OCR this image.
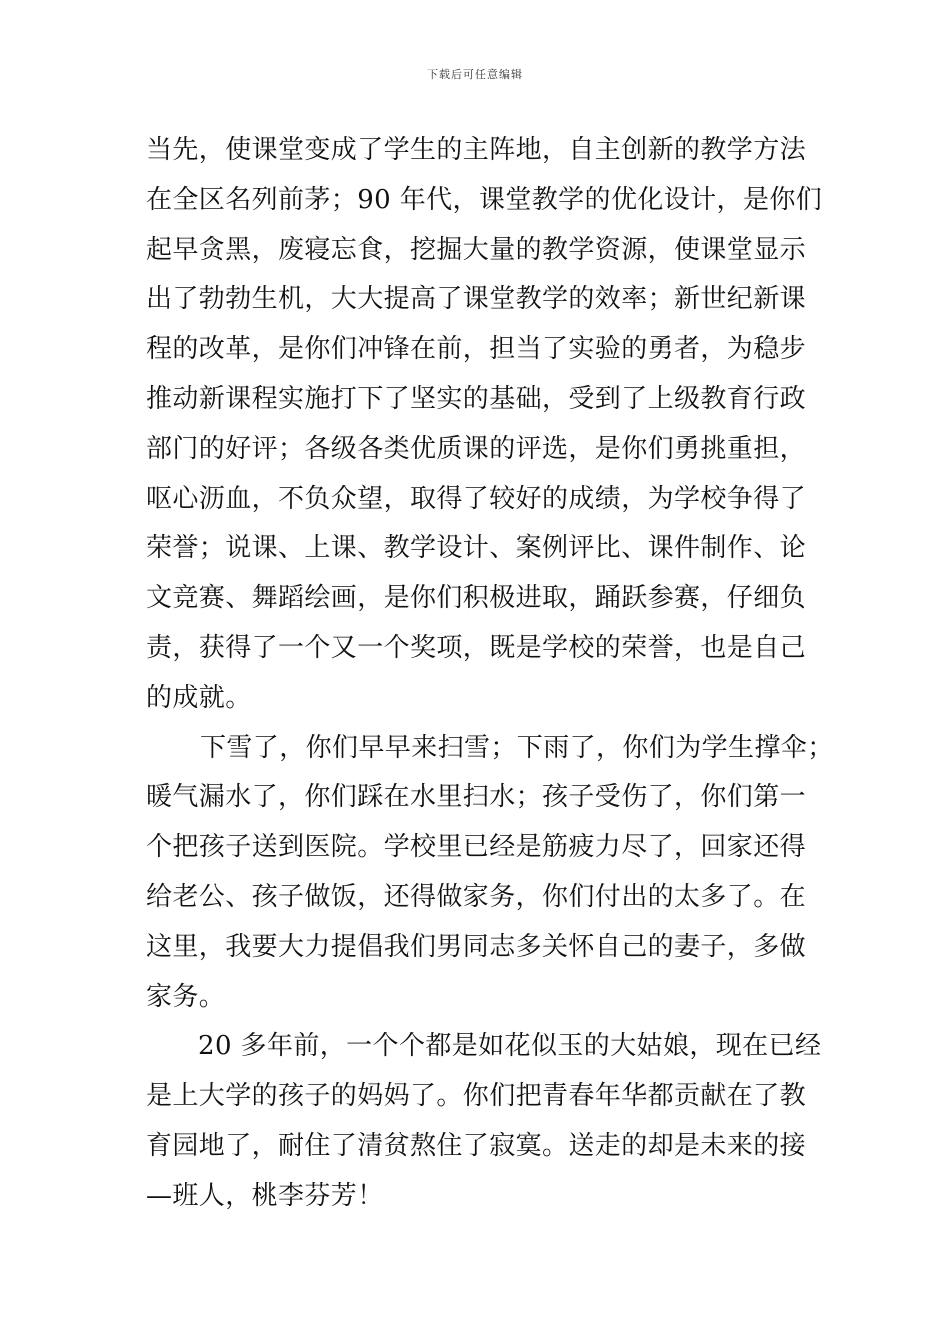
下载后可任意编辑
当先，使课堂变成了学生的主阵地，自主创新的教学方法
在全区名列前茅；90 年代，课堂教学的优化设计，是你们
起早贪黑，废寝忘食，挖掘大量的教学资源，使课堂显示
出了勃勃生机，大大提高了课堂教学的效率；新世纪新课
程的改革，是你们冲锋在前，担当了实验的勇者，为稳步
推动新课程实施打下了坚实的基础，受到了上级教育行政
部门的好评；各级各类优质课的评选，是你们勇挑重担，
呕心沥血，不负众望，取得了较好的成绩，为学校争得了
荣誉；说课、上课、教学设计、案例评比、课件制作、论
文竞赛、舞蹈绘画，是你们积极进取，踊跃参赛，仔细负
责，获得了一个又一个奖项，既是学校的荣誉，也是自己
的成就。
下雪了，你们早早来扫雪；下雨了，你们为学生撑伞；
暖气漏水了，你们踩在水里扫水；孩子受伤了，你们第一
个把孩子送到医院。学校里已经是筋疲力尽了，回家还得
给老公、孩子做饭，还得做家务，你们付出的太多了。在
这里，我要大力提倡我们男同志多关怀自己的妻子，多做
家务。
20 多年前，一个个都是如花似玉的大姑娘，现在已经
是上大学的孩子的妈妈了。你们把青春年华都贡献在了教
育园地了，耐住了清贫熬住了寂寞。送走的却是未来的接
—班人，桃李芬芳！
